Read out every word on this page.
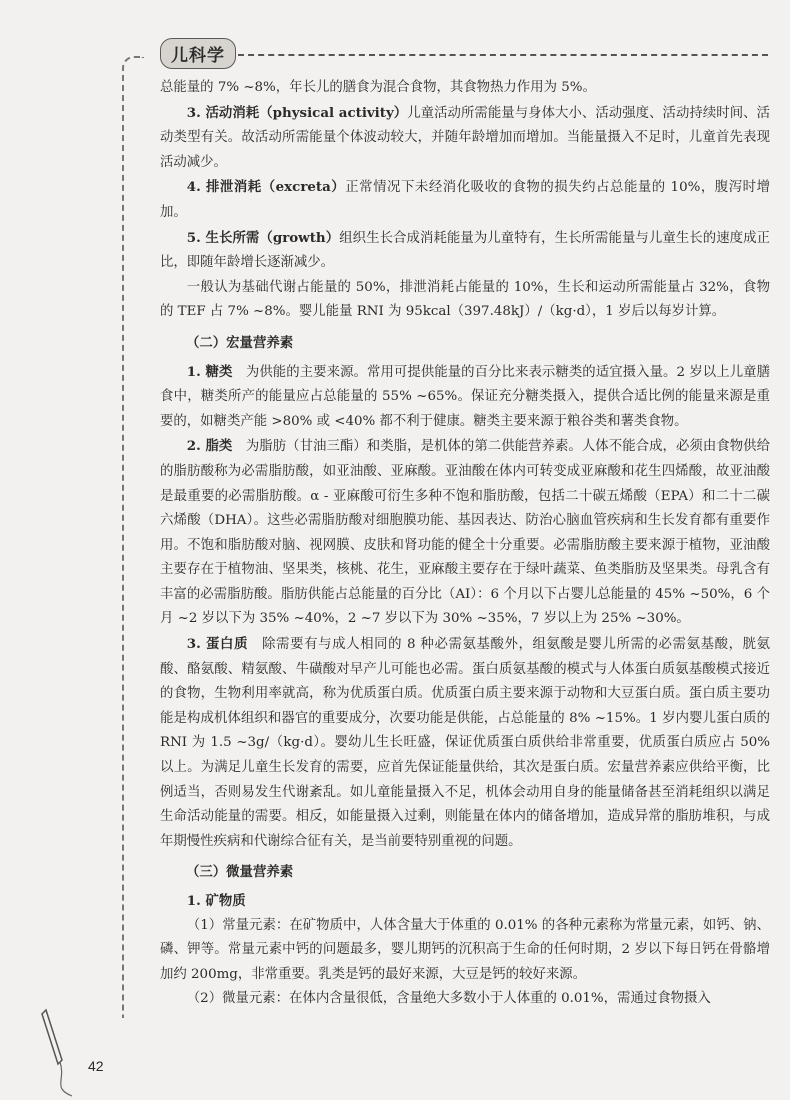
儿科学

总能量的 7% ~8%，年长儿的膳食为混合食物，其食物热力作用为 5%。

3. 活动消耗（physical activity）儿童活动所需能量与身体大小、活动强度、活动持续时间、活动类型有关。故活动所需能量个体波动较大，并随年龄增加而增加。当能量摄入不足时，儿童首先表现活动减少。

4. 排泄消耗（excreta）正常情况下未经消化吸收的食物的损失约占总能量的 10%，腹泻时增加。

5. 生长所需（growth）组织生长合成消耗能量为儿童特有，生长所需能量与儿童生长的速度成正比，即随年龄增长逐渐减少。

一般认为基础代谢占能量的 50%，排泄消耗占能量的 10%，生长和运动所需能量占 32%，食物的 TEF 占 7% ~8%。婴儿能量 RNI 为 95kcal（397.48kJ）/（kg·d），1 岁后以每岁计算。

（二）宏量营养素

1. 糖类　 为供能的主要来源。常用可提供能量的百分比来表示糖类的适宜摄入量。2 岁以上儿童膳食中，糖类所产的能量应占总能量的 55% ~65%。保证充分糖类摄入，提供合适比例的能量来源是重要的，如糖类产能 >80% 或 <40% 都不利于健康。糖类主要来源于粮谷类和薯类食物。

2. 脂类　 为脂肪（甘油三酯）和类脂，是机体的第二供能营养素。人体不能合成，必须由食物供给的脂肪酸称为必需脂肪酸，如亚油酸、亚麻酸。亚油酸在体内可转变成亚麻酸和花生四烯酸，故亚油酸是最重要的必需脂肪酸。α - 亚麻酸可衍生多种不饱和脂肪酸，包括二十碳五烯酸（EPA）和二十二碳六烯酸（DHA）。这些必需脂肪酸对细胞膜功能、基因表达、防治心脑血管疾病和生长发育都有重要作用。不饱和脂肪酸对脑、视网膜、皮肤和肾功能的健全十分重要。必需脂肪酸主要来源于植物，亚油酸主要存在于植物油、坚果类，核桃、花生，亚麻酸主要存在于绿叶蔬菜、鱼类脂肪及坚果类。母乳含有丰富的必需脂肪酸。脂肪供能占总能量的百分比（AI）：6 个月以下占婴儿总能量的 45% ~50%，6 个月 ~2 岁以下为 35% ~40%，2 ~7 岁以下为 30% ~35%，7 岁以上为 25% ~30%。

3. 蛋白质　 除需要有与成人相同的 8 种必需氨基酸外，组氨酸是婴儿所需的必需氨基酸，胱氨酸、酪氨酸、精氨酸、牛磺酸对早产儿可能也必需。蛋白质氨基酸的模式与人体蛋白质氨基酸模式接近的食物，生物利用率就高，称为优质蛋白质。优质蛋白质主要来源于动物和大豆蛋白质。蛋白质主要功能是构成机体组织和器官的重要成分，次要功能是供能，占总能量的 8% ~15%。1 岁内婴儿蛋白质的 RNI 为 1.5 ~3g/（kg·d）。婴幼儿生长旺盛，保证优质蛋白质供给非常重要，优质蛋白质应占 50% 以上。为满足儿童生长发育的需要，应首先保证能量供给，其次是蛋白质。宏量营养素应供给平衡，比例适当，否则易发生代谢紊乱。如儿童能量摄入不足，机体会动用自身的能量储备甚至消耗组织以满足生命活动能量的需要。相反，如能量摄入过剩，则能量在体内的储备增加，造成异常的脂肪堆积，与成年期慢性疾病和代谢综合征有关，是当前要特别重视的问题。

（三）微量营养素

1. 矿物质

（1）常量元素：在矿物质中，人体含量大于体重的 0.01% 的各种元素称为常量元素，如钙、钠、磷、钾等。常量元素中钙的问题最多，婴儿期钙的沉积高于生命的任何时期，2 岁以下每日钙在骨骼增加约 200mg，非常重要。乳类是钙的最好来源，大豆是钙的较好来源。

（2）微量元素：在体内含量很低，含量绝大多数小于人体重的 0.01%，需通过食物摄入

42
